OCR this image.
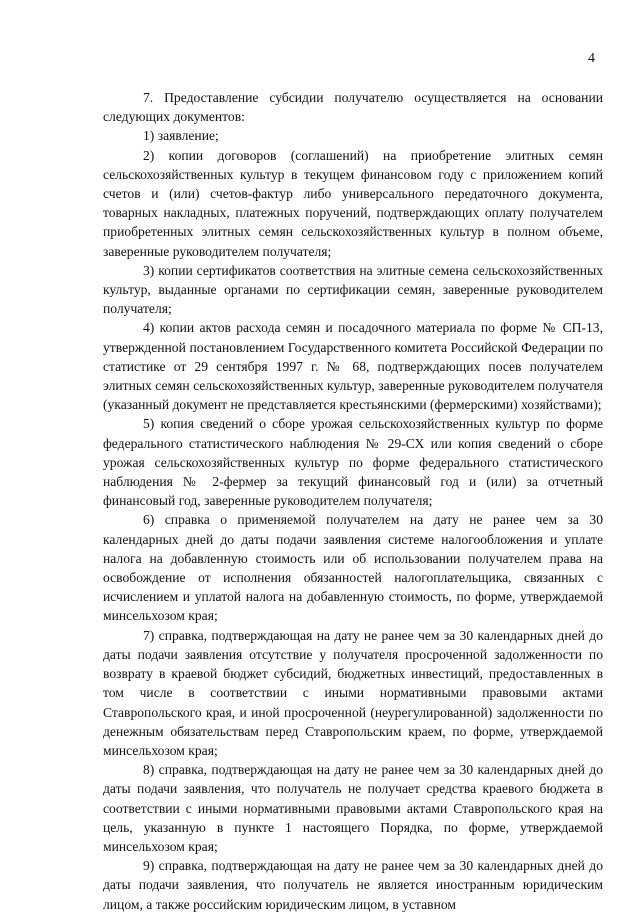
4

7. Предоставление субсидии получателю осуществляется на основании следующих документов:

1) заявление;

2) копии договоров (соглашений) на приобретение элитных семян сельскохозяйственных культур в текущем финансовом году с приложением копий счетов и (или) счетов-фактур либо универсального передаточного документа, товарных накладных, платежных поручений, подтверждающих оплату получателем приобретенных элитных семян сельскохозяйственных культур в полном объеме, заверенные руководителем получателя;

3) копии сертификатов соответствия на элитные семена сельскохозяйственных культур, выданные органами по сертификации семян, заверенные руководителем получателя;

4) копии актов расхода семян и посадочного материала по форме № СП-13, утвержденной постановлением Государственного комитета Российской Федерации по статистике от 29 сентября 1997 г. № 68, подтверждающих посев получателем элитных семян сельскохозяйственных культур, заверенные руководителем получателя (указанный документ не представляется крестьянскими (фермерскими) хозяйствами);

5) копия сведений о сборе урожая сельскохозяйственных культур по форме федерального статистического наблюдения № 29-СХ или копия сведений о сборе урожая сельскохозяйственных культур по форме федерального статистического наблюдения № 2-фермер за текущий финансовый год и (или) за отчетный финансовый год, заверенные руководителем получателя;

6) справка о применяемой получателем на дату не ранее чем за 30 календарных дней до даты подачи заявления системе налогообложения и уплате налога на добавленную стоимость или об использовании получателем права на освобождение от исполнения обязанностей налогоплательщика, связанных с исчислением и уплатой налога на добавленную стоимость, по форме, утверждаемой минсельхозом края;

7) справка, подтверждающая на дату не ранее чем за 30 календарных дней до даты подачи заявления отсутствие у получателя просроченной задолженности по возврату в краевой бюджет субсидий, бюджетных инвестиций, предоставленных в том числе в соответствии с иными нормативными правовыми актами Ставропольского края, и иной просроченной (неурегулированной) задолженности по денежным обязательствам перед Ставропольским краем, по форме, утверждаемой минсельхозом края;

8) справка, подтверждающая на дату не ранее чем за 30 календарных дней до даты подачи заявления, что получатель не получает средства краевого бюджета в соответствии с иными нормативными правовыми актами Ставропольского края на цель, указанную в пункте 1 настоящего Порядка, по форме, утверждаемой минсельхозом края;

9) справка, подтверждающая на дату не ранее чем за 30 календарных дней до даты подачи заявления, что получатель не является иностранным юридическим лицом, а также российским юридическим лицом, в уставном
